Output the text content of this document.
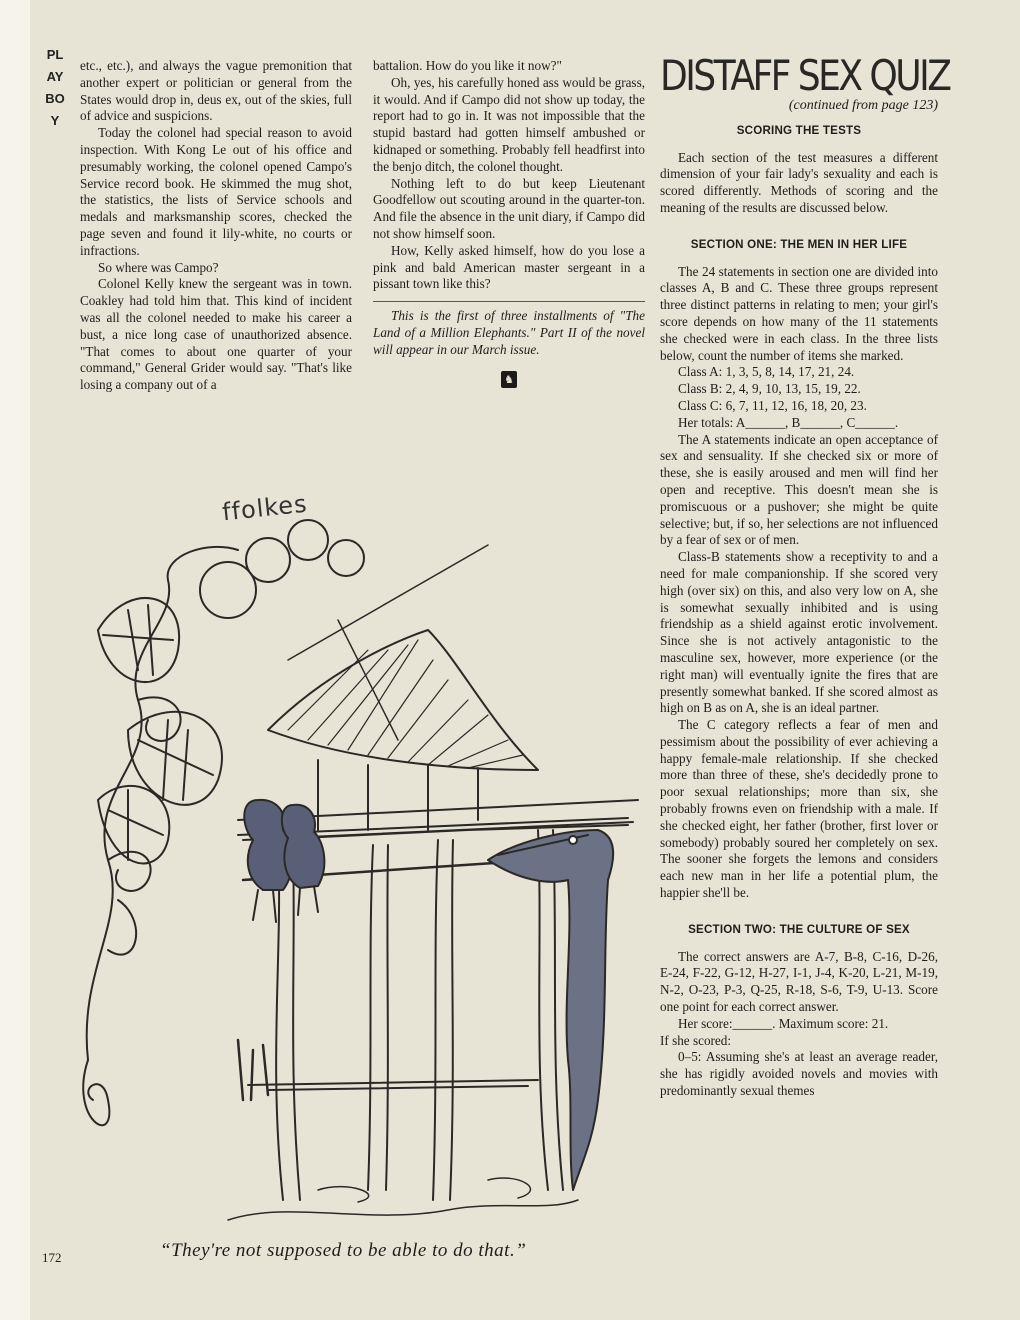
PLAYBOY

etc., etc.), and always the vague premonition that another expert or politician or general from the States would drop in, deus ex, out of the skies, full of advice and suspicions.

Today the colonel had special reason to avoid inspection. With Kong Le out of his office and presumably working, the colonel opened Campo's Service record book. He skimmed the mug shot, the statistics, the lists of Service schools and medals and marksmanship scores, checked the page seven and found it lily-white, no courts or infractions.

So where was Campo?

Colonel Kelly knew the sergeant was in town. Coakley had told him that. This kind of incident was all the colonel needed to make his career a bust, a nice long case of unauthorized absence. "That comes to about one quarter of your command," General Grider would say. "That's like losing a company out of a

battalion. How do you like it now?"

Oh, yes, his carefully honed ass would be grass, it would. And if Campo did not show up today, the report had to go in. It was not impossible that the stupid bastard had gotten himself ambushed or kidnaped or something. Probably fell headfirst into the benjo ditch, the colonel thought.

Nothing left to do but keep Lieutenant Goodfellow out scouting around in the quarter-ton. And file the absence in the unit diary, if Campo did not show himself soon.

How, Kelly asked himself, how do you lose a pink and bald American master sergeant in a pissant town like this?

This is the first of three installments of "The Land of a Million Elephants." Part II of the novel will appear in our March issue.

♞
DISTAFF SEX QUIZ
(continued from page 123)
SCORING THE TESTS

Each section of the test measures a different dimension of your fair lady's sexuality and each is scored differently. Methods of scoring and the meaning of the results are discussed below.

SECTION ONE: THE MEN IN HER LIFE

The 24 statements in section one are divided into classes A, B and C. These three groups represent three distinct patterns in relating to men; your girl's score depends on how many of the 11 statements she checked were in each class. In the three lists below, count the number of items she marked.

Class A: 1, 3, 5, 8, 14, 17, 21, 24.
Class B: 2, 4, 9, 10, 13, 15, 19, 22.
Class C: 6, 7, 11, 12, 16, 18, 20, 23.
Her totals: A______, B______, C______.

The A statements indicate an open acceptance of sex and sensuality. If she checked six or more of these, she is easily aroused and men will find her open and receptive. This doesn't mean she is promiscuous or a pushover; she might be quite selective; but, if so, her selections are not influenced by a fear of sex or of men.

Class-B statements show a receptivity to and a need for male companionship. If she scored very high (over six) on this, and also very low on A, she is somewhat sexually inhibited and is using friendship as a shield against erotic involvement. Since she is not actively antagonistic to the masculine sex, however, more experience (or the right man) will eventually ignite the fires that are presently somewhat banked. If she scored almost as high on B as on A, she is an ideal partner.

The C category reflects a fear of men and pessimism about the possibility of ever achieving a happy female-male relationship. If she checked more than three of these, she's decidedly prone to poor sexual relationships; more than six, she probably frowns even on friendship with a male. If she checked eight, her father (brother, first lover or somebody) probably soured her completely on sex. The sooner she forgets the lemons and considers each new man in her life a potential plum, the happier she'll be.

SECTION TWO: THE CULTURE OF SEX

The correct answers are A-7, B-8, C-16, D-26, E-24, F-22, G-12, H-27, I-1, J-4, K-20, L-21, M-19, N-2, O-23, P-3, Q-25, R-18, S-6, T-9, U-13. Score one point for each correct answer.

Her score:______. Maximum score: 21.

If she scored:

0–5: Assuming she's at least an average reader, she has rigidly avoided novels and movies with predominantly sexual themes

ffolkes
172	“They're not supposed to be able to do that.”
